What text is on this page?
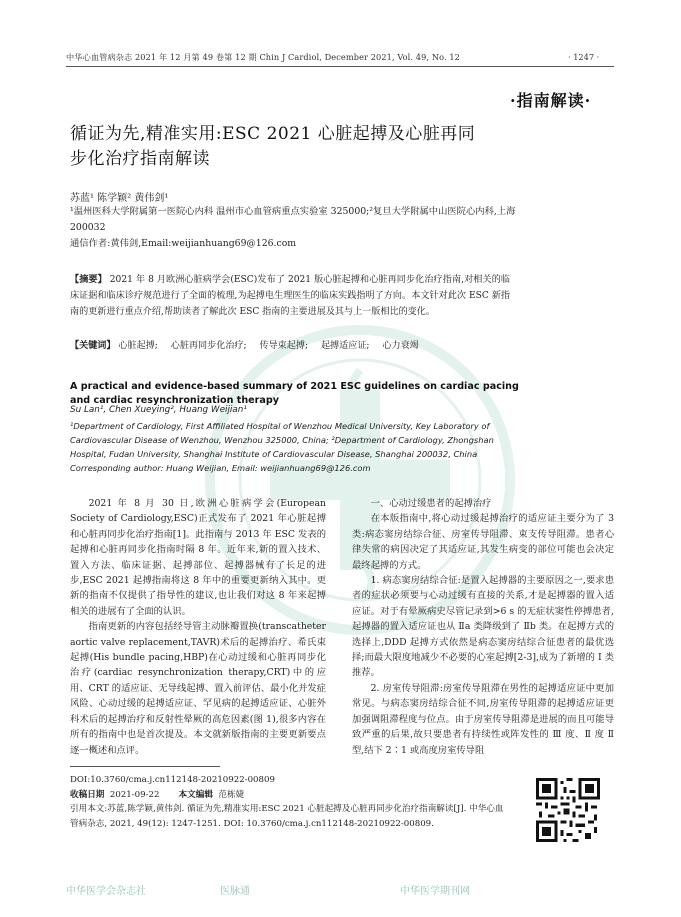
中华心血管病杂志 2021 年 12 月第 49 卷第 12 期 Chin J Cardiol, December 2021, Vol. 49, No. 12	· 1247 ·
·指南解读·
循证为先,精准实用:ESC 2021 心脏起搏及心脏再同步化治疗指南解读
苏蓝¹ 陈学颖² 黄伟剑¹
¹温州医科大学附属第一医院心内科 温州市心血管病重点实验室 325000;²复旦大学附属中山医院心内科,上海 200032
通信作者:黄伟剑,Email:weijianhuang69@126.com
【摘要】 2021 年 8 月欧洲心脏病学会(ESC)发布了 2021 版心脏起搏和心脏再同步化治疗指南,对相关的临床证据和临床诊疗规范进行了全面的梳理,为起搏电生理医生的临床实践指明了方向。本文针对此次 ESC 新指南的更新进行重点介绍,帮助读者了解此次 ESC 指南的主要进展及其与上一版相比的变化。
【关键词】 心脏起搏; 心脏再同步化治疗; 传导束起搏; 起搏适应证; 心力衰竭
A practical and evidence-based summary of 2021 ESC guidelines on cardiac pacing and cardiac resynchronization therapy
Su Lan¹, Chen Xueying², Huang Weijian¹
¹Department of Cardiology, First Affiliated Hospital of Wenzhou Medical University, Key Laboratory of Cardiovascular Disease of Wenzhou, Wenzhou 325000, China; ²Department of Cardiology, Zhongshan Hospital, Fudan University, Shanghai Institute of Cardiovascular Disease, Shanghai 200032, China
Corresponding author: Huang Weijian, Email: weijianhuang69@126.com

2021 年 8 月 30 日,欧洲心脏病学会(European Society of Cardiology,ESC)正式发布了 2021 年心脏起搏和心脏再同步化治疗指南[1]。此指南与 2013 年 ESC 发表的起搏和心脏再同步化指南时隔 8 年。近年来,新的置入技术、置入方法、临床证据、起搏部位、起搏器械有了长足的进步,ESC 2021 起搏指南将这 8 年中的重要更新纳入其中。更新的指南不仅提供了指导性的建议,也让我们对这 8 年来起搏相关的进展有了全面的认识。

指南更新的内容包括经导管主动脉瓣置换(transcatheter aortic valve replacement,TAVR)术后的起搏治疗、希氏束起搏(His bundle pacing,HBP)在心动过缓和心脏再同步化治疗(cardiac resynchronization therapy,CRT)中的应用、CRT 的适应证、无导线起搏、置入前评估、最小化并发症风险、心动过缓的起搏适应证、罕见病的起搏适应证、心脏外科术后的起搏治疗和反射性晕厥的高危因素(图 1),很多内容在所有的指南中也是首次提及。本文就新版指南的主要更新要点逐一概述和点评。

一、心动过缓患者的起搏治疗

在本版指南中,将心动过缓起搏治疗的适应证主要分为了 3 类:病态窦房结综合征、房室传导阻滞、束支传导阻滞。患者心律失常的病因决定了其适应证,其发生病变的部位可能也会决定最终起搏的方式。

1. 病态窦房结综合征:是置入起搏器的主要原因之一,要求患者的症状必须要与心动过缓有直接的关系,才是起搏器的置入适应证。对于有晕厥病史尽管记录到>6 s 的无症状窦性停搏患者,起搏器的置入适应证也从 Ⅱa 类降级到了 Ⅱb 类。在起搏方式的选择上,DDD 起搏方式依然是病态窦房结综合征患者的最优选择;而最大限度地减少不必要的心室起搏[2-3],成为了新增的 Ⅰ 类推荐。

2. 房室传导阻滞:房室传导阻滞在男性的起搏适应证中更加常见。与病态窦房结综合征不同,房室传导阻滞的起搏适应证更加强调阻滞程度与位点。由于房室传导阻滞是进展的而且可能导致严重的后果,故只要患者有持续性或阵发性的 Ⅲ 度、Ⅱ 度 Ⅱ 型,结下 2∶1 或高度房室传导阻

DOI:10.3760/cma.j.cn112148-20210922-00809
收稿日期 2021-09-22 本文编辑 范栋婕
引用本文:苏蓝,陈学颖,黄伟剑. 循证为先,精准实用:ESC 2021 心脏起搏及心脏再同步化治疗指南解读[J]. 中华心血管病杂志, 2021, 49(12): 1247-1251. DOI: 10.3760/cma.j.cn112148-20210922-00809.
中华医学会杂志社	医脉通	中华医学期刊网
